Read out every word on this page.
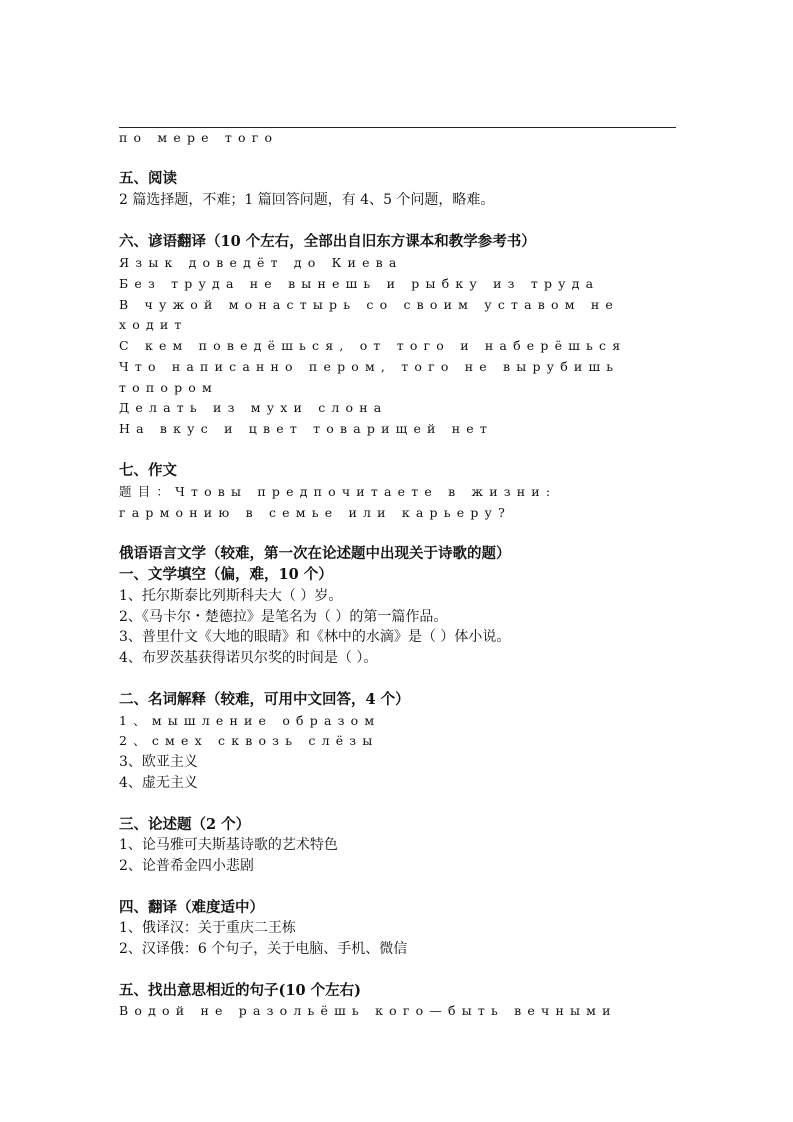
по мере того
五、阅读
2 篇选择题，不难；1 篇回答问题，有 4、5 个问题，略难。
六、谚语翻译（10 个左右，全部出自旧东方课本和教学参考书）
Язык доведёт до Киева
Без труда не вынешь и рыбку из труда
В чужой монастырь со своим уставом не
ходит
С кем поведёшься, от того и наберёшься
Что написанно пером, того не вырубишь
топором
Делать из мухи слона
На вкус и цвет товарищей нет
七、作文
题目：Чтовы предпочитаете в жизни:
гармонию в семье или карьеру?
俄语语言文学（较难，第一次在论述题中出现关于诗歌的题）
一、文学填空（偏，难，10 个）
1、托尔斯泰比列斯科夫大（ ）岁。
2、《马卡尔・楚德拉》是笔名为（ ）的第一篇作品。
3、普里什文《大地的眼睛》和《林中的水滴》是（ ）体小说。
4、布罗茨基获得诺贝尔奖的时间是（ ）。
二、名词解释（较难，可用中文回答，4 个）
1、мышление образом
2、смех сквозь слёзы
3、欧亚主义
4、虚无主义
三、论述题（2 个）
1、论马雅可夫斯基诗歌的艺术特色
2、论普希金四小悲剧
四、翻译（难度适中）
1、俄译汉：关于重庆二王栋
2、汉译俄：6 个句子，关于电脑、手机、微信
五、找出意思相近的句子(10 个左右)
Водой не разольёшь кого—быть вечными
